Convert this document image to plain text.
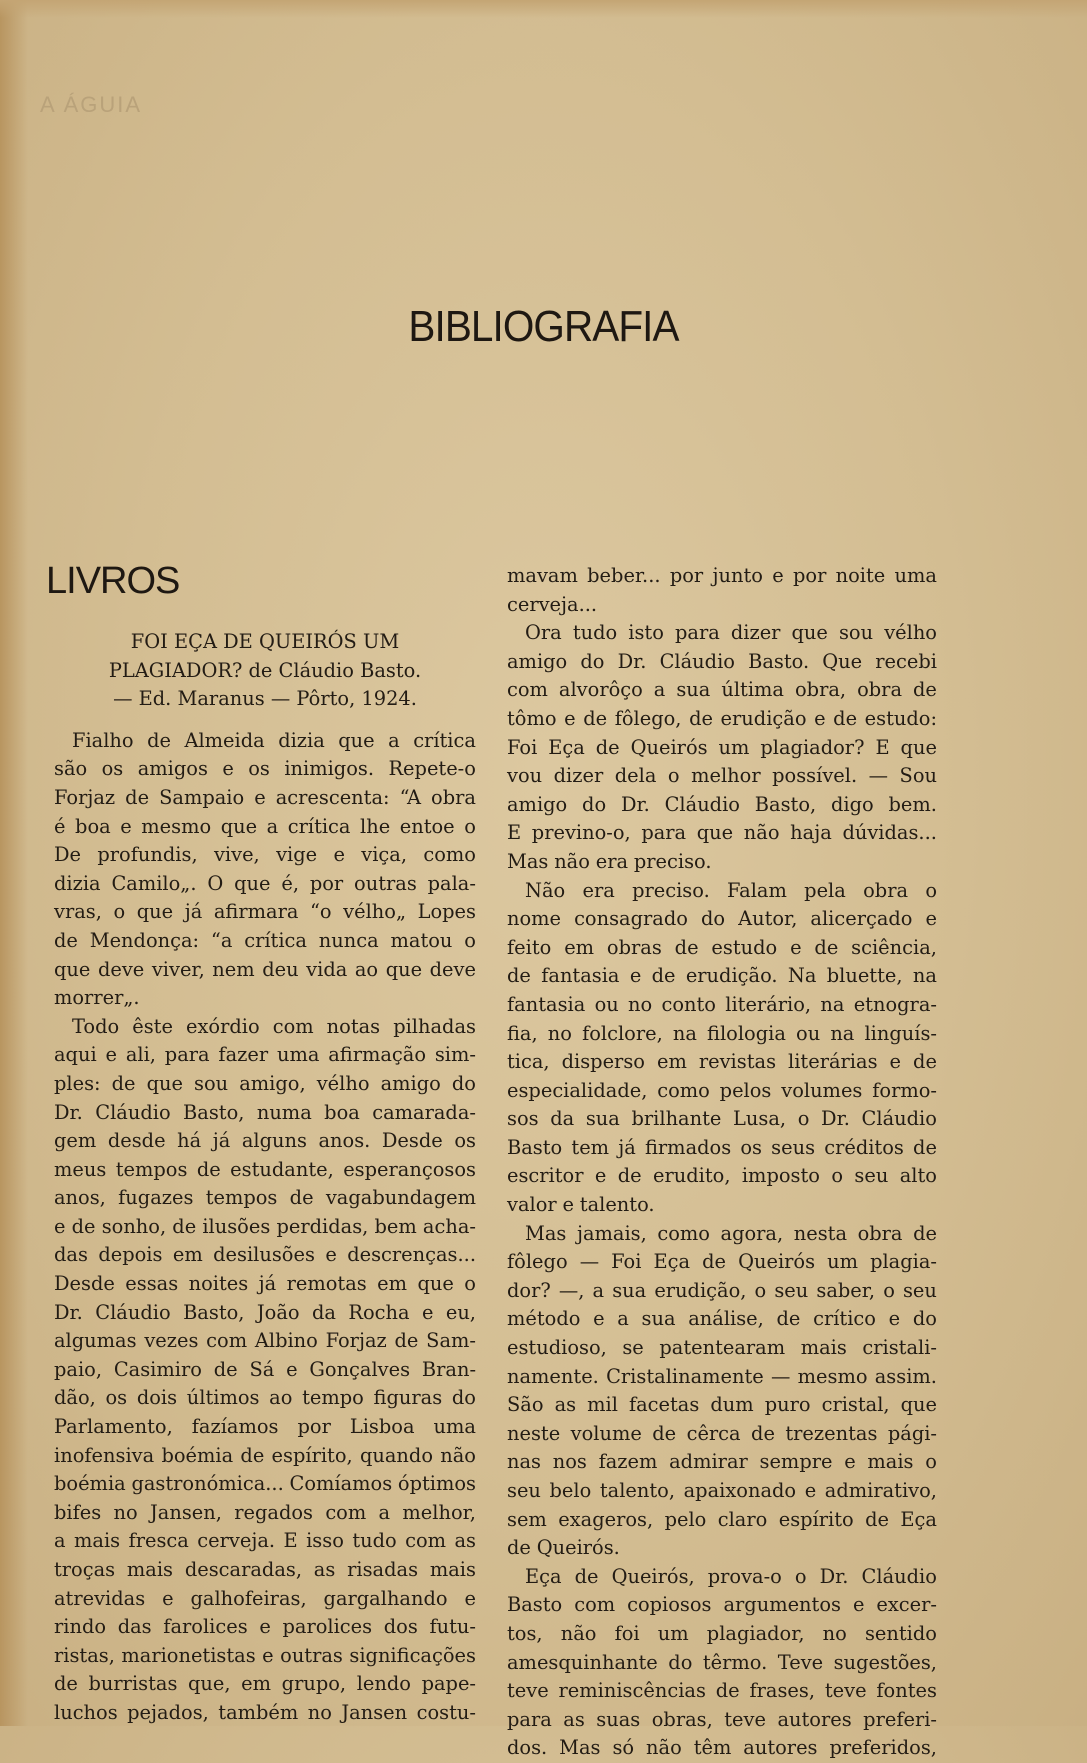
A ÁGUIA
BIBLIOGRAFIA
LIVROS
FOI EÇA DE QUEIRÓS UM
PLAGIADOR? de Cláudio Basto.
— Ed. Maranus — Pôrto, 1924.
Fialho de Almeida dizia que a crítica
são os amigos e os inimigos. Repete-o
Forjaz de Sampaio e acrescenta: “A obra
é boa e mesmo que a crítica lhe entoe o
De profundis, vive, vige e viça, como
dizia Camilo„. O que é, por outras pala-
vras, o que já afirmara “o vélho„ Lopes
de Mendonça: “a crítica nunca matou o
que deve viver, nem deu vida ao que deve
morrer„.
Todo êste exórdio com notas pilhadas
aqui e ali, para fazer uma afirmação sim-
ples: de que sou amigo, vélho amigo do
Dr. Cláudio Basto, numa boa camarada-
gem desde há já alguns anos. Desde os
meus tempos de estudante, esperançosos
anos, fugazes tempos de vagabundagem
e de sonho, de ilusões perdidas, bem acha-
das depois em desilusões e descrenças...
Desde essas noites já remotas em que o
Dr. Cláudio Basto, João da Rocha e eu,
algumas vezes com Albino Forjaz de Sam-
paio, Casimiro de Sá e Gonçalves Bran-
dão, os dois últimos ao tempo figuras do
Parlamento, fazíamos por Lisboa uma
inofensiva boémia de espírito, quando não
boémia gastronómica... Comíamos óptimos
bifes no Jansen, regados com a melhor,
a mais fresca cerveja. E isso tudo com as
troças mais descaradas, as risadas mais
atrevidas e galhofeiras, gargalhando e
rindo das farolices e parolices dos futu-
ristas, marionetistas e outras significações
de burristas que, em grupo, lendo pape-
luchos pejados, também no Jansen costu-
mavam beber... por junto e por noite uma
cerveja...
Ora tudo isto para dizer que sou vélho
amigo do Dr. Cláudio Basto. Que recebi
com alvorôço a sua última obra, obra de
tômo e de fôlego, de erudição e de estudo:
Foi Eça de Queirós um plagiador? E que
vou dizer dela o melhor possível. — Sou
amigo do Dr. Cláudio Basto, digo bem.
E previno-o, para que não haja dúvidas...
Mas não era preciso.
Não era preciso. Falam pela obra o
nome consagrado do Autor, alicerçado e
feito em obras de estudo e de sciência,
de fantasia e de erudição. Na bluette, na
fantasia ou no conto literário, na etnogra-
fia, no folclore, na filologia ou na linguís-
tica, disperso em revistas literárias e de
especialidade, como pelos volumes formo-
sos da sua brilhante Lusa, o Dr. Cláudio
Basto tem já firmados os seus créditos de
escritor e de erudito, imposto o seu alto
valor e talento.
Mas jamais, como agora, nesta obra de
fôlego — Foi Eça de Queirós um plagia-
dor? —, a sua erudição, o seu saber, o seu
método e a sua análise, de crítico e do
estudioso, se patentearam mais cristali-
namente. Cristalinamente — mesmo assim.
São as mil facetas dum puro cristal, que
neste volume de cêrca de trezentas pági-
nas nos fazem admirar sempre e mais o
seu belo talento, apaixonado e admirativo,
sem exageros, pelo claro espírito de Eça
de Queirós.
Eça de Queirós, prova-o o Dr. Cláudio
Basto com copiosos argumentos e excer-
tos, não foi um plagiador, no sentido
amesquinhante do têrmo. Teve sugestões,
teve reminiscências de frases, teve fontes
para as suas obras, teve autores preferi-
dos. Mas só não têm autores preferidos,
